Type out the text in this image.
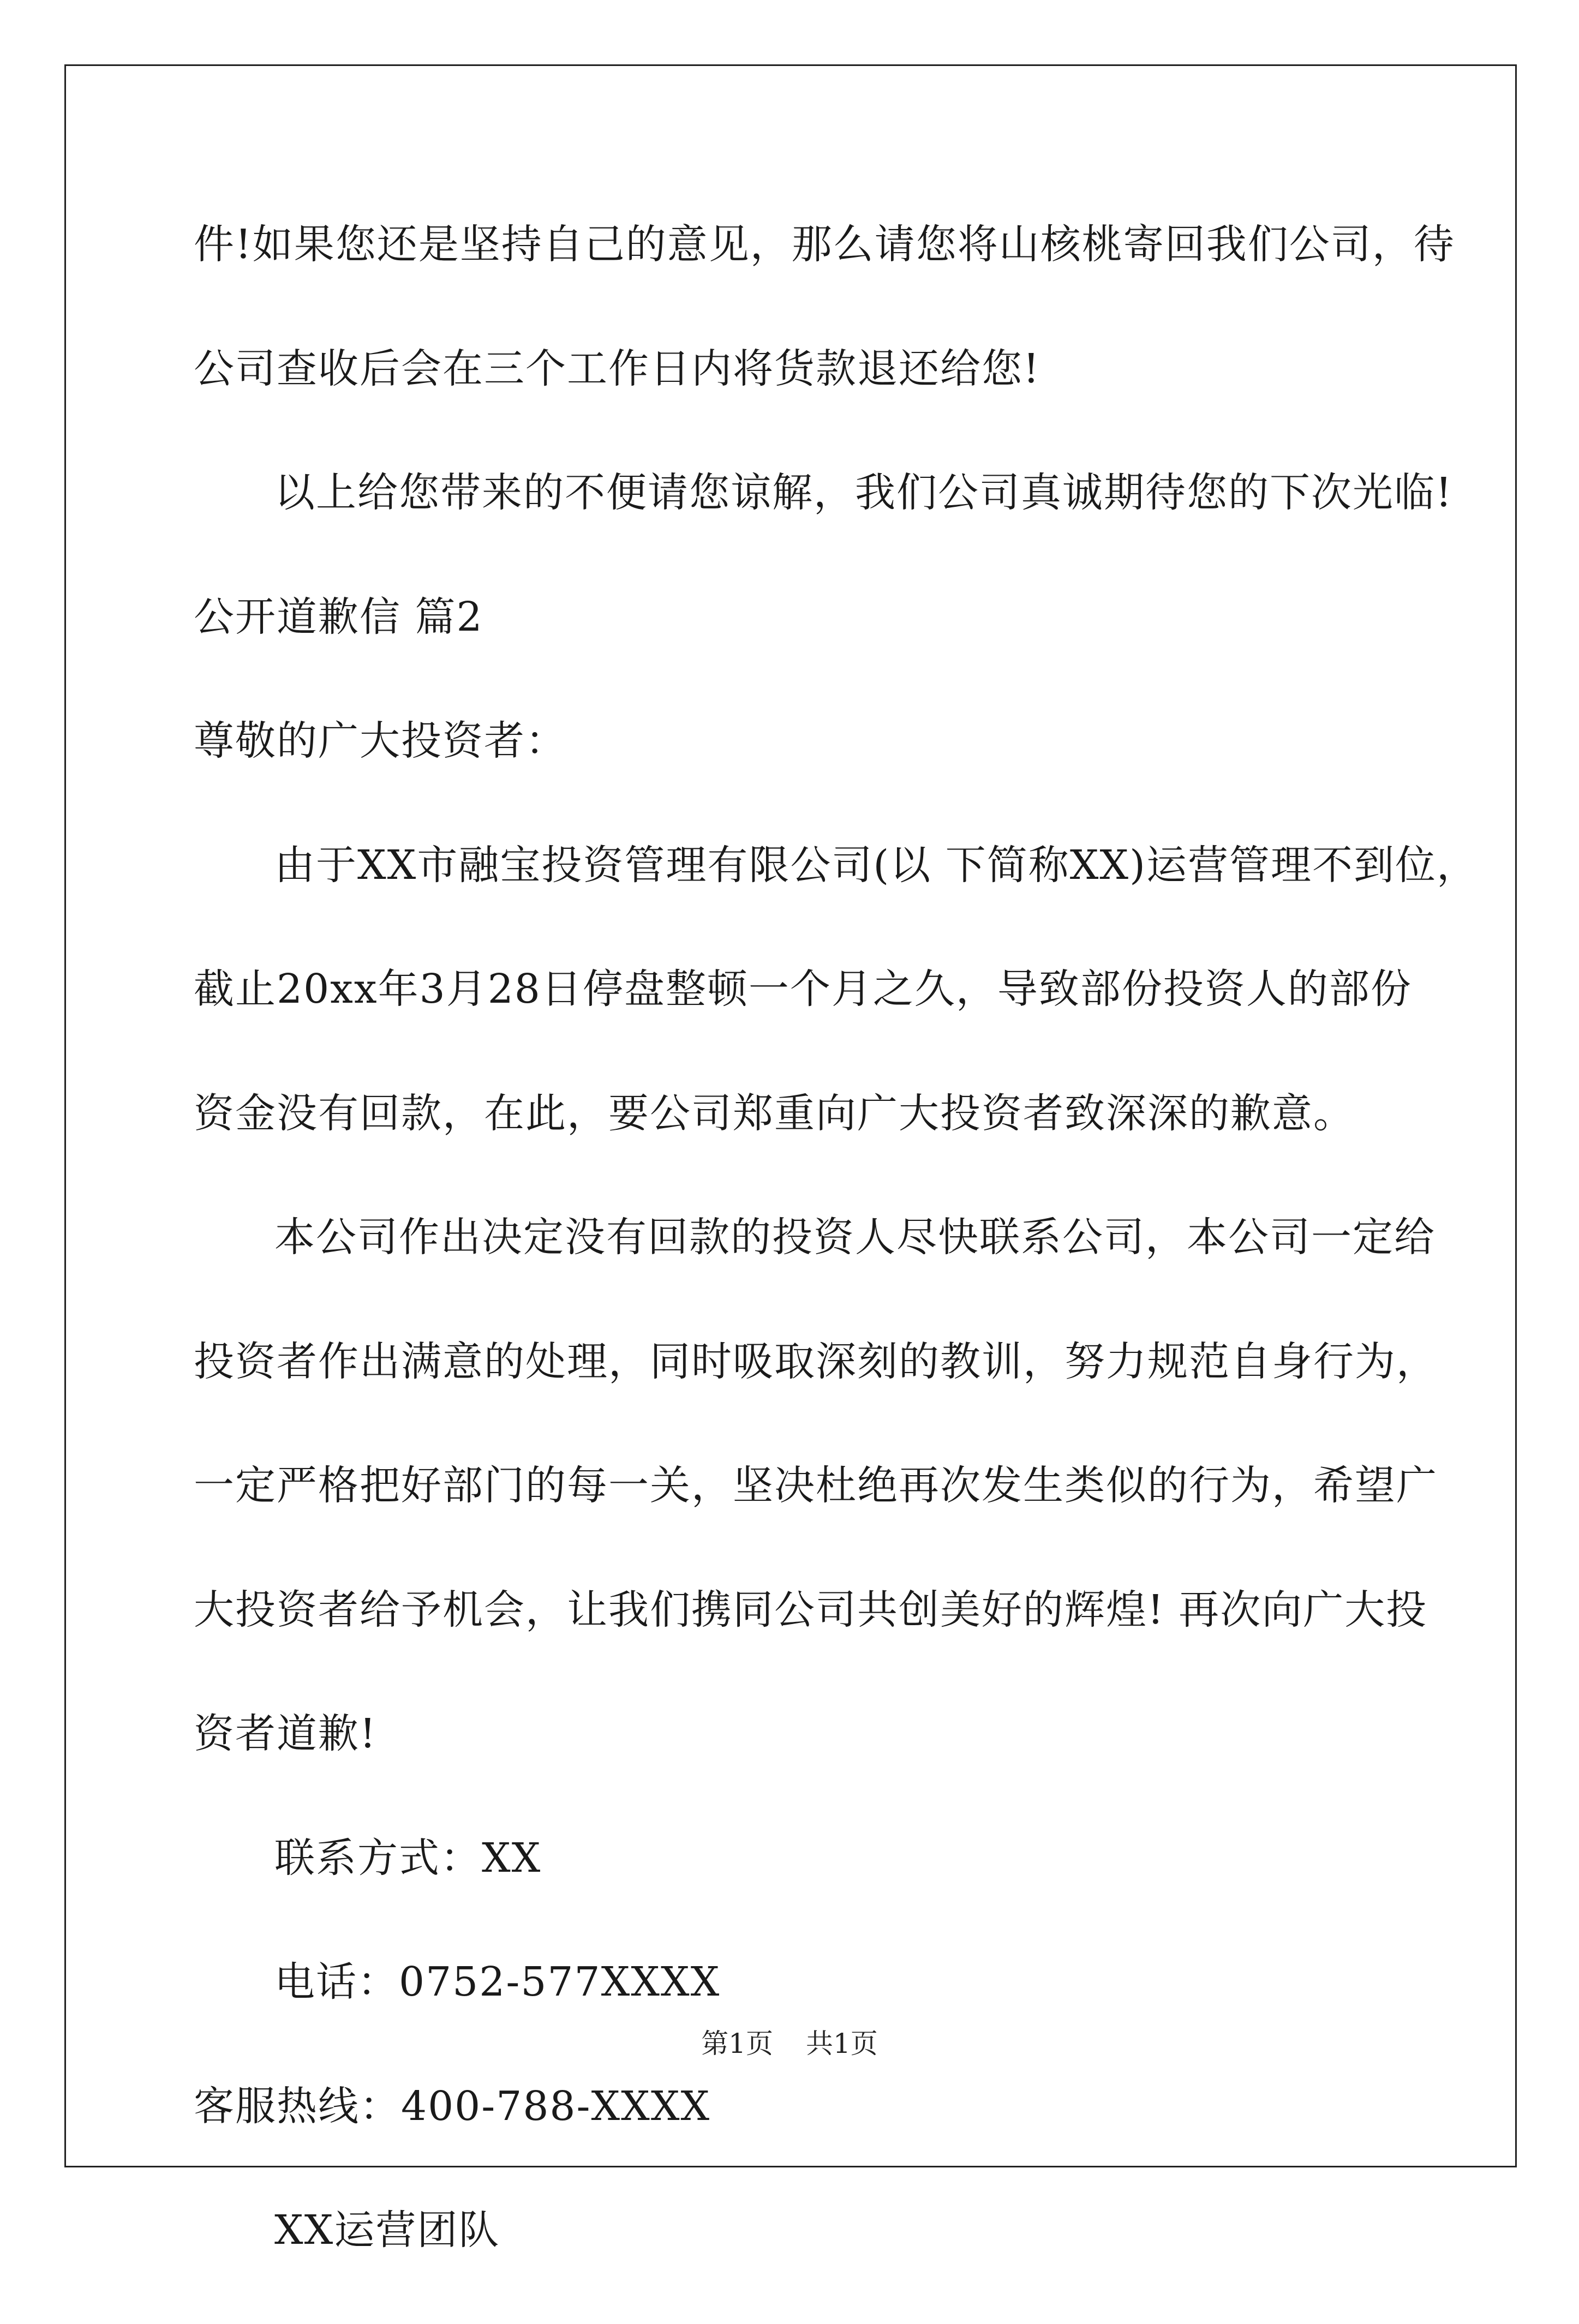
件!如果您还是坚持自己的意见，那么请您将山核桃寄回我们公司，待
公司查收后会在三个工作日内将货款退还给您!
以上给您带来的不便请您谅解，我们公司真诚期待您的下次光临!
公开道歉信 篇2
尊敬的广大投资者：
由于XX市融宝投资管理有限公司(以 下简称XX)运营管理不到位，
截止20xx年3月28日停盘整顿一个月之久，导致部份投资人的部份
资金没有回款，在此，要公司郑重向广大投资者致深深的歉意。
本公司作出决定没有回款的投资人尽快联系公司，本公司一定给
投资者作出满意的处理，同时吸取深刻的教训，努力规范自身行为，
一定严格把好部门的每一关，坚决杜绝再次发生类似的行为，希望广
大投资者给予机会，让我们携同公司共创美好的辉煌! 再次向广大投
资者道歉!
联系方式：XX
电话：0752-577XXXX
客服热线：400-788-XXXX
XX运营团队
第1页 共1页
